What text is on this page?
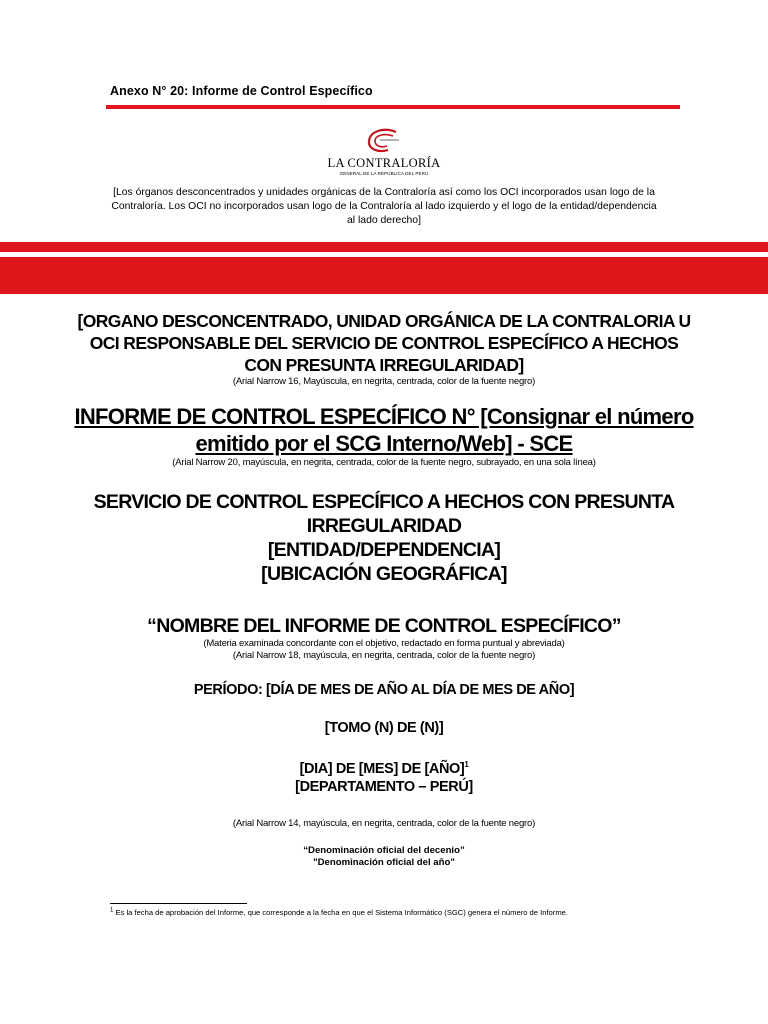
Anexo N° 20: Informe de Control Específico
LA CONTRALORÍA
GENERAL DE LA REPÚBLICA DEL PERÚ
[Los órganos desconcentrados y unidades orgánicas de la Contraloría así como los OCI incorporados usan logo de la Contraloría. Los OCI no incorporados usan logo de la Contraloría al lado izquierdo y el logo de la entidad/dependencia al lado derecho]
[ORGANO DESCONCENTRADO, UNIDAD ORGÁNICA DE LA CONTRALORIA U OCI RESPONSABLE DEL SERVICIO DE CONTROL ESPECÍFICO A HECHOS CON PRESUNTA IRREGULARIDAD]
(Arial Narrow 16, Mayúscula, en negrita, centrada, color de la fuente negro)
INFORME DE CONTROL ESPECÍFICO N° [Consignar el número emitido por el SCG Interno/Web] - SCE
(Arial Narrow 20, mayúscula, en negrita, centrada, color de la fuente negro, subrayado, en una sola línea)
SERVICIO DE CONTROL ESPECÍFICO A HECHOS CON PRESUNTA IRREGULARIDAD
[ENTIDAD/DEPENDENCIA]
[UBICACIÓN GEOGRÁFICA]
“NOMBRE DEL INFORME DE CONTROL ESPECÍFICO”
(Materia examinada concordante con el objetivo, redactado en forma puntual y abreviada)
(Arial Narrow 18, mayúscula, en negrita, centrada, color de la fuente negro)
PERÍODO: [DÍA DE MES DE AÑO AL DÍA DE MES DE AÑO]
[TOMO (N) DE (N)]
[DIA] DE [MES] DE [AÑO]$^1$
[DEPARTAMENTO – PERÚ]
(Arial Narrow 14, mayúscula, en negrita, centrada, color de la fuente negro)
“Denominación oficial del decenio”
"Denominación oficial del año"
$^1$ Es la fecha de aprobación del Informe, que corresponde a la fecha en que el Sistema Informático (SGC) genera el número de Informe.
